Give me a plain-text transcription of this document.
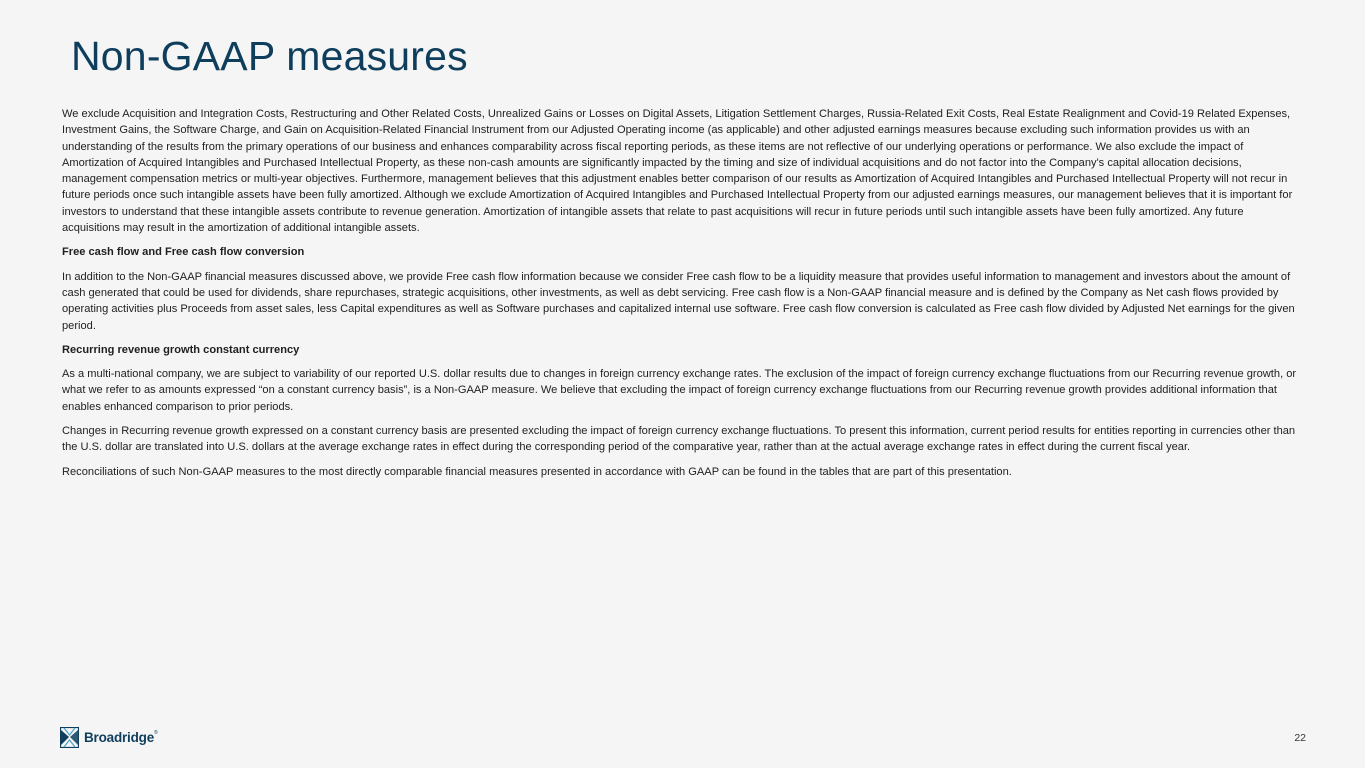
Non-GAAP measures

We exclude Acquisition and Integration Costs, Restructuring and Other Related Costs, Unrealized Gains or Losses on Digital Assets, Litigation Settlement Charges, Russia-Related Exit Costs, Real Estate Realignment and Covid-19 Related Expenses, Investment Gains, the Software Charge, and Gain on Acquisition-Related Financial Instrument from our Adjusted Operating income (as applicable) and other adjusted earnings measures because excluding such information provides us with an understanding of the results from the primary operations of our business and enhances comparability across fiscal reporting periods, as these items are not reflective of our underlying operations or performance. We also exclude the impact of Amortization of Acquired Intangibles and Purchased Intellectual Property, as these non-cash amounts are significantly impacted by the timing and size of individual acquisitions and do not factor into the Company's capital allocation decisions, management compensation metrics or multi-year objectives. Furthermore, management believes that this adjustment enables better comparison of our results as Amortization of Acquired Intangibles and Purchased Intellectual Property will not recur in future periods once such intangible assets have been fully amortized. Although we exclude Amortization of Acquired Intangibles and Purchased Intellectual Property from our adjusted earnings measures, our management believes that it is important for investors to understand that these intangible assets contribute to revenue generation. Amortization of intangible assets that relate to past acquisitions will recur in future periods until such intangible assets have been fully amortized. Any future acquisitions may result in the amortization of additional intangible assets.

Free cash flow and Free cash flow conversion

In addition to the Non-GAAP financial measures discussed above, we provide Free cash flow information because we consider Free cash flow to be a liquidity measure that provides useful information to management and investors about the amount of cash generated that could be used for dividends, share repurchases, strategic acquisitions, other investments, as well as debt servicing. Free cash flow is a Non-GAAP financial measure and is defined by the Company as Net cash flows provided by operating activities plus Proceeds from asset sales, less Capital expenditures as well as Software purchases and capitalized internal use software. Free cash flow conversion is calculated as Free cash flow divided by Adjusted Net earnings for the given period.

Recurring revenue growth constant currency

As a multi-national company, we are subject to variability of our reported U.S. dollar results due to changes in foreign currency exchange rates. The exclusion of the impact of foreign currency exchange fluctuations from our Recurring revenue growth, or what we refer to as amounts expressed “on a constant currency basis”, is a Non-GAAP measure. We believe that excluding the impact of foreign currency exchange fluctuations from our Recurring revenue growth provides additional information that enables enhanced comparison to prior periods.

Changes in Recurring revenue growth expressed on a constant currency basis are presented excluding the impact of foreign currency exchange fluctuations. To present this information, current period results for entities reporting in currencies other than the U.S. dollar are translated into U.S. dollars at the average exchange rates in effect during the corresponding period of the comparative year, rather than at the actual average exchange rates in effect during the current fiscal year.

Reconciliations of such Non-GAAP measures to the most directly comparable financial measures presented in accordance with GAAP can be found in the tables that are part of this presentation.

Broadridge®	22
